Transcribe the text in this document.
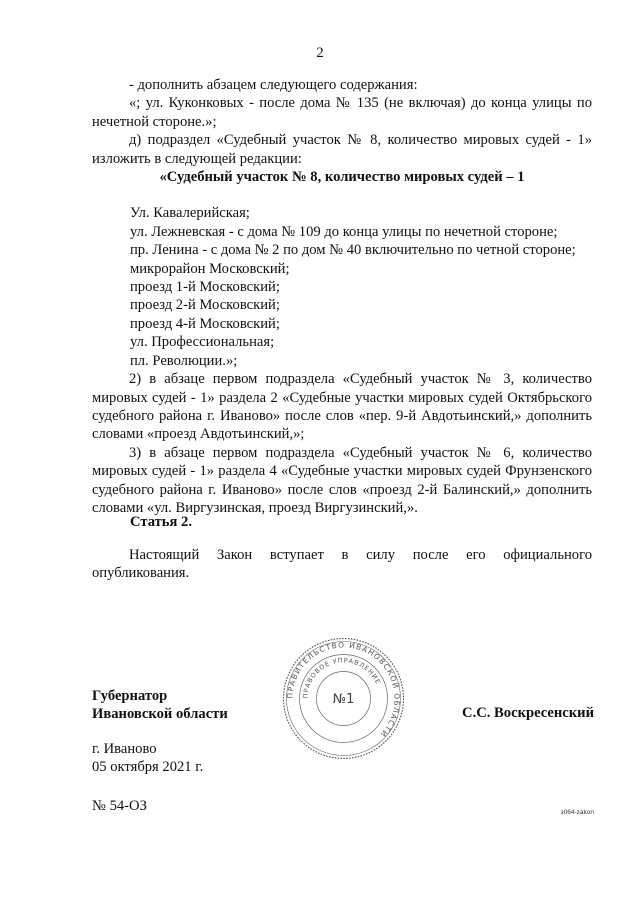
2

- дополнить абзацем следующего содержания:

«; ул. Куконковых - после дома № 135 (не включая) до конца улицы по нечетной стороне.»;

д) подраздел «Судебный участок № 8, количество мировых судей - 1» изложить в следующей редакции:

«Судебный участок № 8, количество мировых судей – 1

Ул. Кавалерийская;

ул. Лежневская - с дома № 109 до конца улицы по нечетной стороне;

пр. Ленина - с дома № 2 по дом № 40 включительно по четной стороне;

микрорайон Московский;

проезд 1-й Московский;

проезд 2-й Московский;

проезд 4-й Московский;

ул. Профессиональная;

пл. Революции.»;

2) в абзаце первом подраздела «Судебный участок № 3, количество мировых судей - 1» раздела 2 «Судебные участки мировых судей Октябрьского судебного района г. Иваново» после слов «пер. 9-й Авдотьинский,» дополнить словами «проезд Авдотьинский,»;

3) в абзаце первом подраздела «Судебный участок № 6, количество мировых судей - 1» раздела 4 «Судебные участки мировых судей Фрунзенского судебного района г. Иваново» после слов «проезд 2-й Балинский,» дополнить словами «ул. Виргузинская, проезд Виргузинский,».

Статья 2.

Настоящий Закон вступает в силу после его официального опубликования.

ПРАВИТЕЛЬСТВО ИВАНОВСКОЙ ОБЛАСТИ
ПРАВОВОЕ УПРАВЛЕНИЕ
№1
Губернатор
Ивановской области	С.С. Воскресенский
г. Иваново
05 октября 2021 г.
№ 54-ОЗ	з064-zakon
